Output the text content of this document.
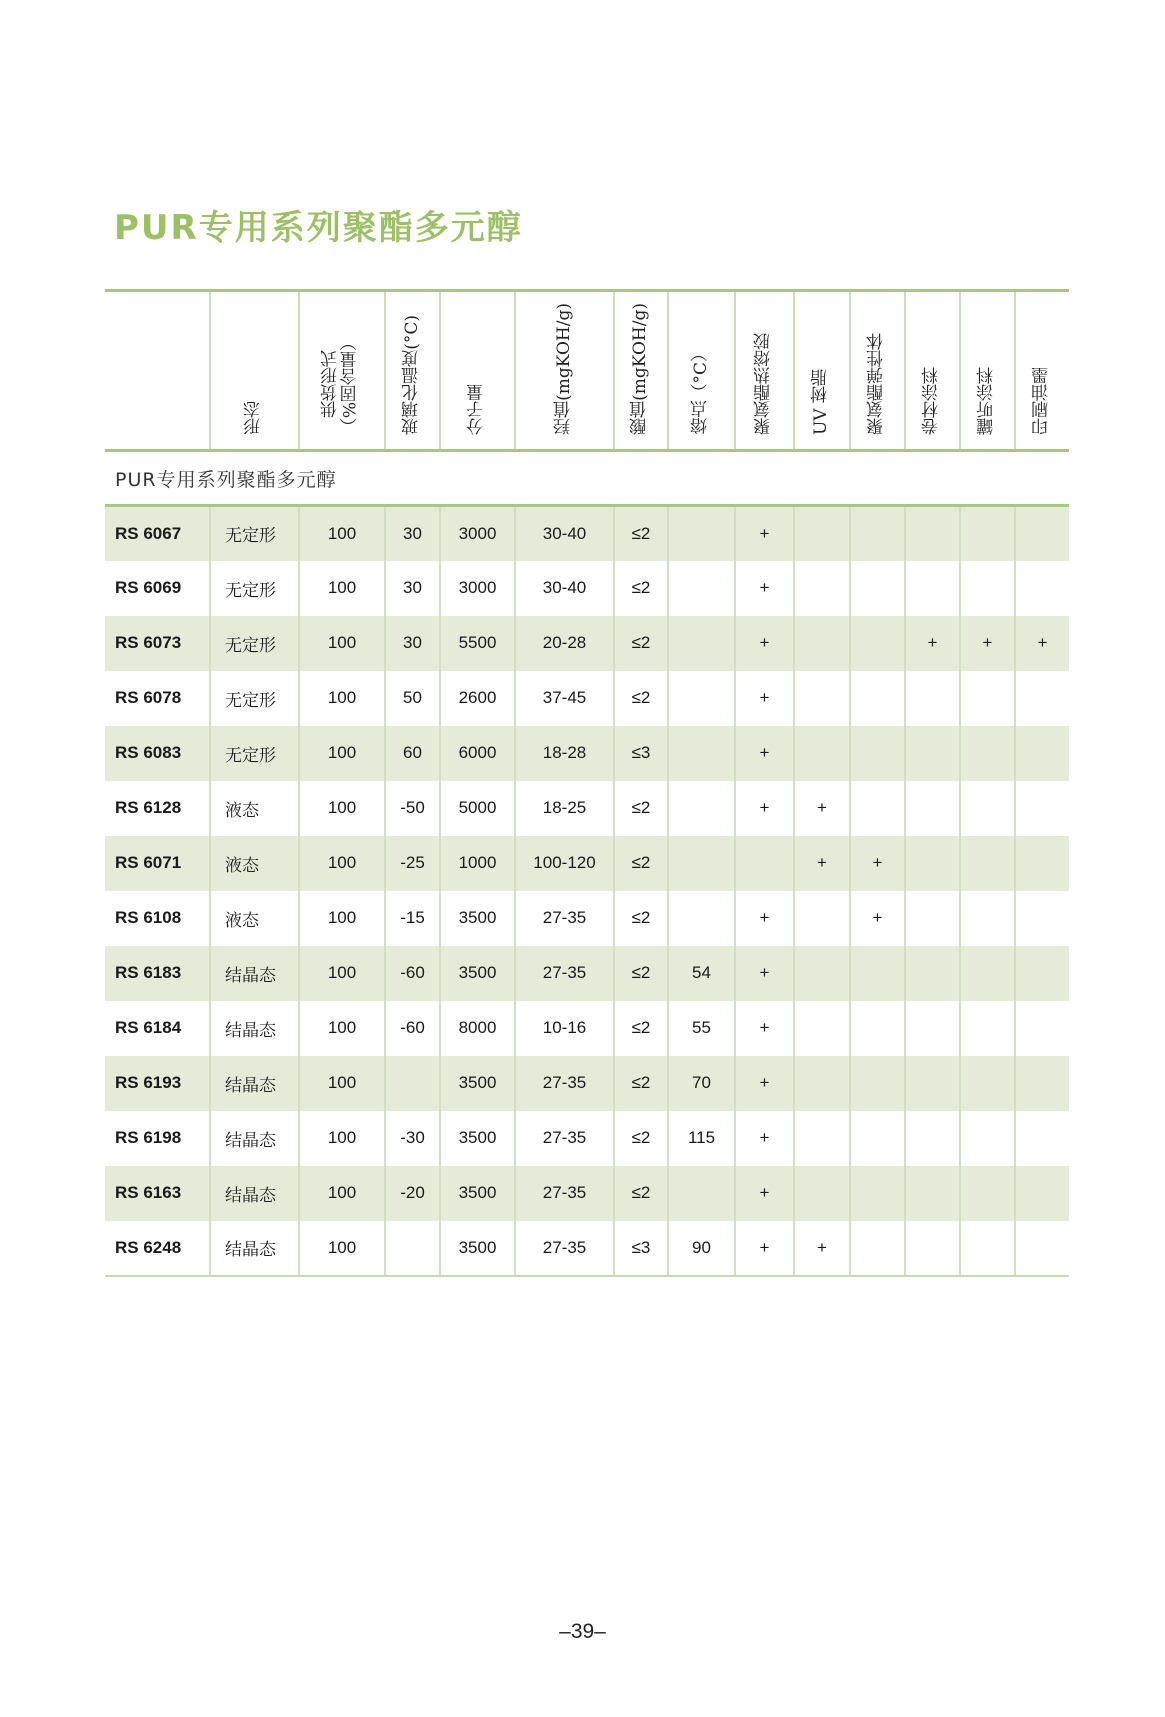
PUR专用系列聚酯多元醇

	形态	供货形式 （%固含量）	玻璃化温度(°C)	分子量	羟值(mgKOH/g)	酸值(mgKOH/g)	熔点（°C）	聚氨酯热熔胶	UV 树脂	聚氨酯弹性体	卷材涂料	罐听涂料	印刷油墨

PUR专用系列聚酯多元醇													
RS 6067	无定形	100	30	3000	30-40	≤2		+					
RS 6069	无定形	100	30	3000	30-40	≤2		+					
RS 6073	无定形	100	30	5500	20-28	≤2		+			+	+	+
RS 6078	无定形	100	50	2600	37-45	≤2		+					
RS 6083	无定形	100	60	6000	18-28	≤3		+					
RS 6128	液态	100	-50	5000	18-25	≤2		+	+				
RS 6071	液态	100	-25	1000	100-120	≤2			+	+			
RS 6108	液态	100	-15	3500	27-35	≤2		+		+			
RS 6183	结晶态	100	-60	3500	27-35	≤2	54	+					
RS 6184	结晶态	100	-60	8000	10-16	≤2	55	+					
RS 6193	结晶态	100		3500	27-35	≤2	70	+					
RS 6198	结晶态	100	-30	3500	27-35	≤2	115	+					
RS 6163	结晶态	100	-20	3500	27-35	≤2		+					
RS 6248	结晶态	100		3500	27-35	≤3	90	+	+				
–39–
